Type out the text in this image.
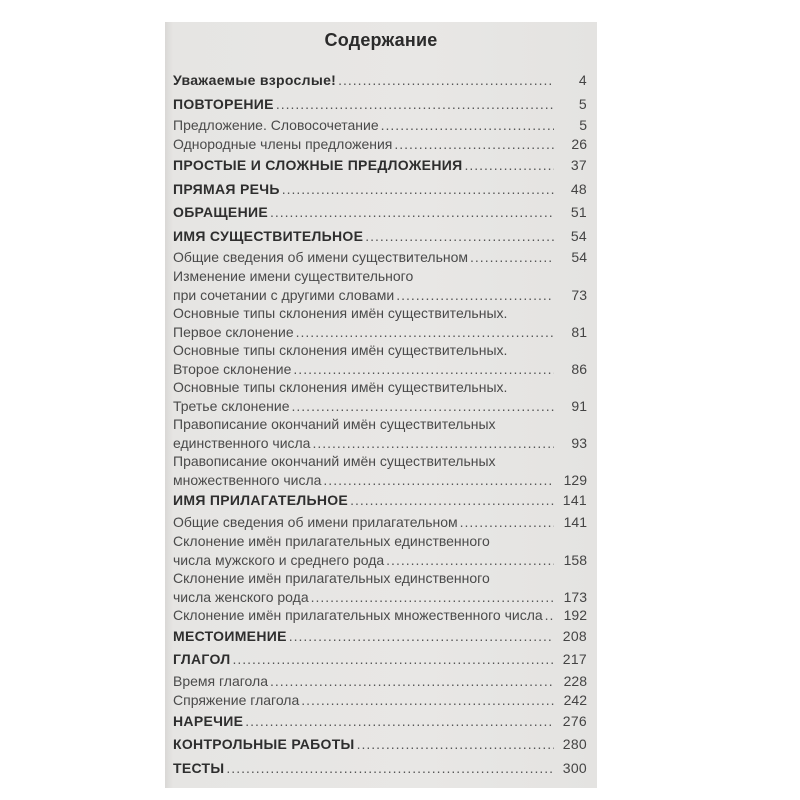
Содержание
Уважаемые взрослые! .....	4
ПОВТОРЕНИЕ .....	5
Предложение. Словосочетание .....	5
Однородные члены предложения .....	26
ПРОСТЫЕ И СЛОЖНЫЕ ПРЕДЛОЖЕНИЯ .....	37
ПРЯМАЯ РЕЧЬ .....	48
ОБРАЩЕНИЕ .....	51
ИМЯ СУЩЕСТВИТЕЛЬНОЕ .....	54
Общие сведения об имени существительном .....	54
Изменение имени существительного
при сочетании с другими словами .....	73
Основные типы склонения имён существительных.
Первое склонение .....	81
Основные типы склонения имён существительных.
Второе склонение .....	86
Основные типы склонения имён существительных.
Третье склонение .....	91
Правописание окончаний имён существительных
единственного числа .....	93
Правописание окончаний имён существительных
множественного числа .....	129
ИМЯ ПРИЛАГАТЕЛЬНОЕ .....	141
Общие сведения об имени прилагательном .....	141
Склонение имён прилагательных единственного
числа мужского и среднего рода .....	158
Склонение имён прилагательных единственного
числа женского рода .....	173
Склонение имён прилагательных множественного числа .....	192
МЕСТОИМЕНИЕ .....	208
ГЛАГОЛ .....	217
Время глагола .....	228
Спряжение глагола .....	242
НАРЕЧИЕ .....	276
КОНТРОЛЬНЫЕ РАБОТЫ .....	280
ТЕСТЫ .....	300
